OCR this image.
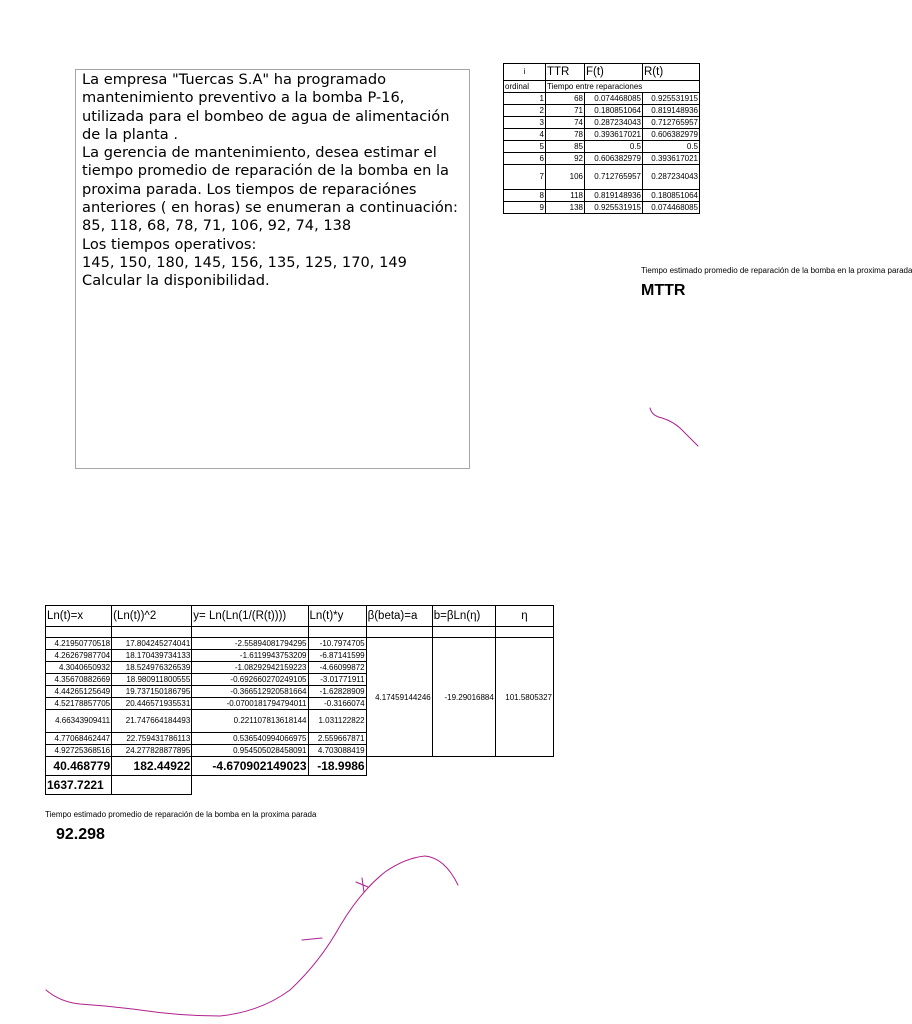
La empresa "Tuercas S.A" ha programado
mantenimiento preventivo a la bomba P-16,
utilizada para el bombeo de agua de alimentación
de la planta .
La gerencia de mantenimiento, desea estimar el
tiempo promedio de reparación de la bomba en la
proxima parada. Los tiempos de reparaciónes
anteriores ( en horas) se enumeran a continuación:
85, 118, 68, 78, 71, 106, 92, 74, 138
Los tiempos operativos:
145, 150, 180, 145, 156, 135, 125, 170, 149
Calcular la disponibilidad.
i	TTR	F(t)	R(t)
ordinal	Tiempo entre reparaciones		
1	68	0.074468085	0.925531915
2	71	0.180851064	0.819148936
3	74	0.287234043	0.712765957
4	78	0.393617021	0.606382979
5	85	0.5	0.5
6	92	0.606382979	0.393617021
7	106	0.712765957	0.287234043
8	118	0.819148936	0.180851064
9	138	0.925531915	0.074468085
Tiempo estimado promedio de reparación de la bomba en la proxima parada
MTTR
Ln(t)=x	(Ln(t))^2	y= Ln(Ln(1/(R(t))))	Ln(t)*y	β(beta)=a	b=βLn(η)	η

4.21950770518	17.804245274041	-2.55894081794295	-10.7974705	4.17459144246	-19.29016884	101.5805327
4.26267987704	18.170439734133	-1.6119943753209	-6.87141599			
4.3040650932	18.524976326539	-1.08292942159223	-4.66099872			
4.35670882669	18.980911800555	-0.692660270249105	-3.01771911			
4.44265125649	19.737150186795	-0.366512920581664	-1.62828909			
4.52178857705	20.446571935531	-0.0700181794794011	-0.3166074			
4.66343909411	21.747664184493	0.221107813618144	1.031122822			
4.77068462447	22.759431786113	0.536540994066975	2.559667871			
4.92725368516	24.277828877895	0.954505028458091	4.703088419			
40.468779	182.44922	-4.670902149023	-18.9986			
1637.7221						
Tiempo estimado promedio de reparación de la bomba en la proxima parada
92.298
